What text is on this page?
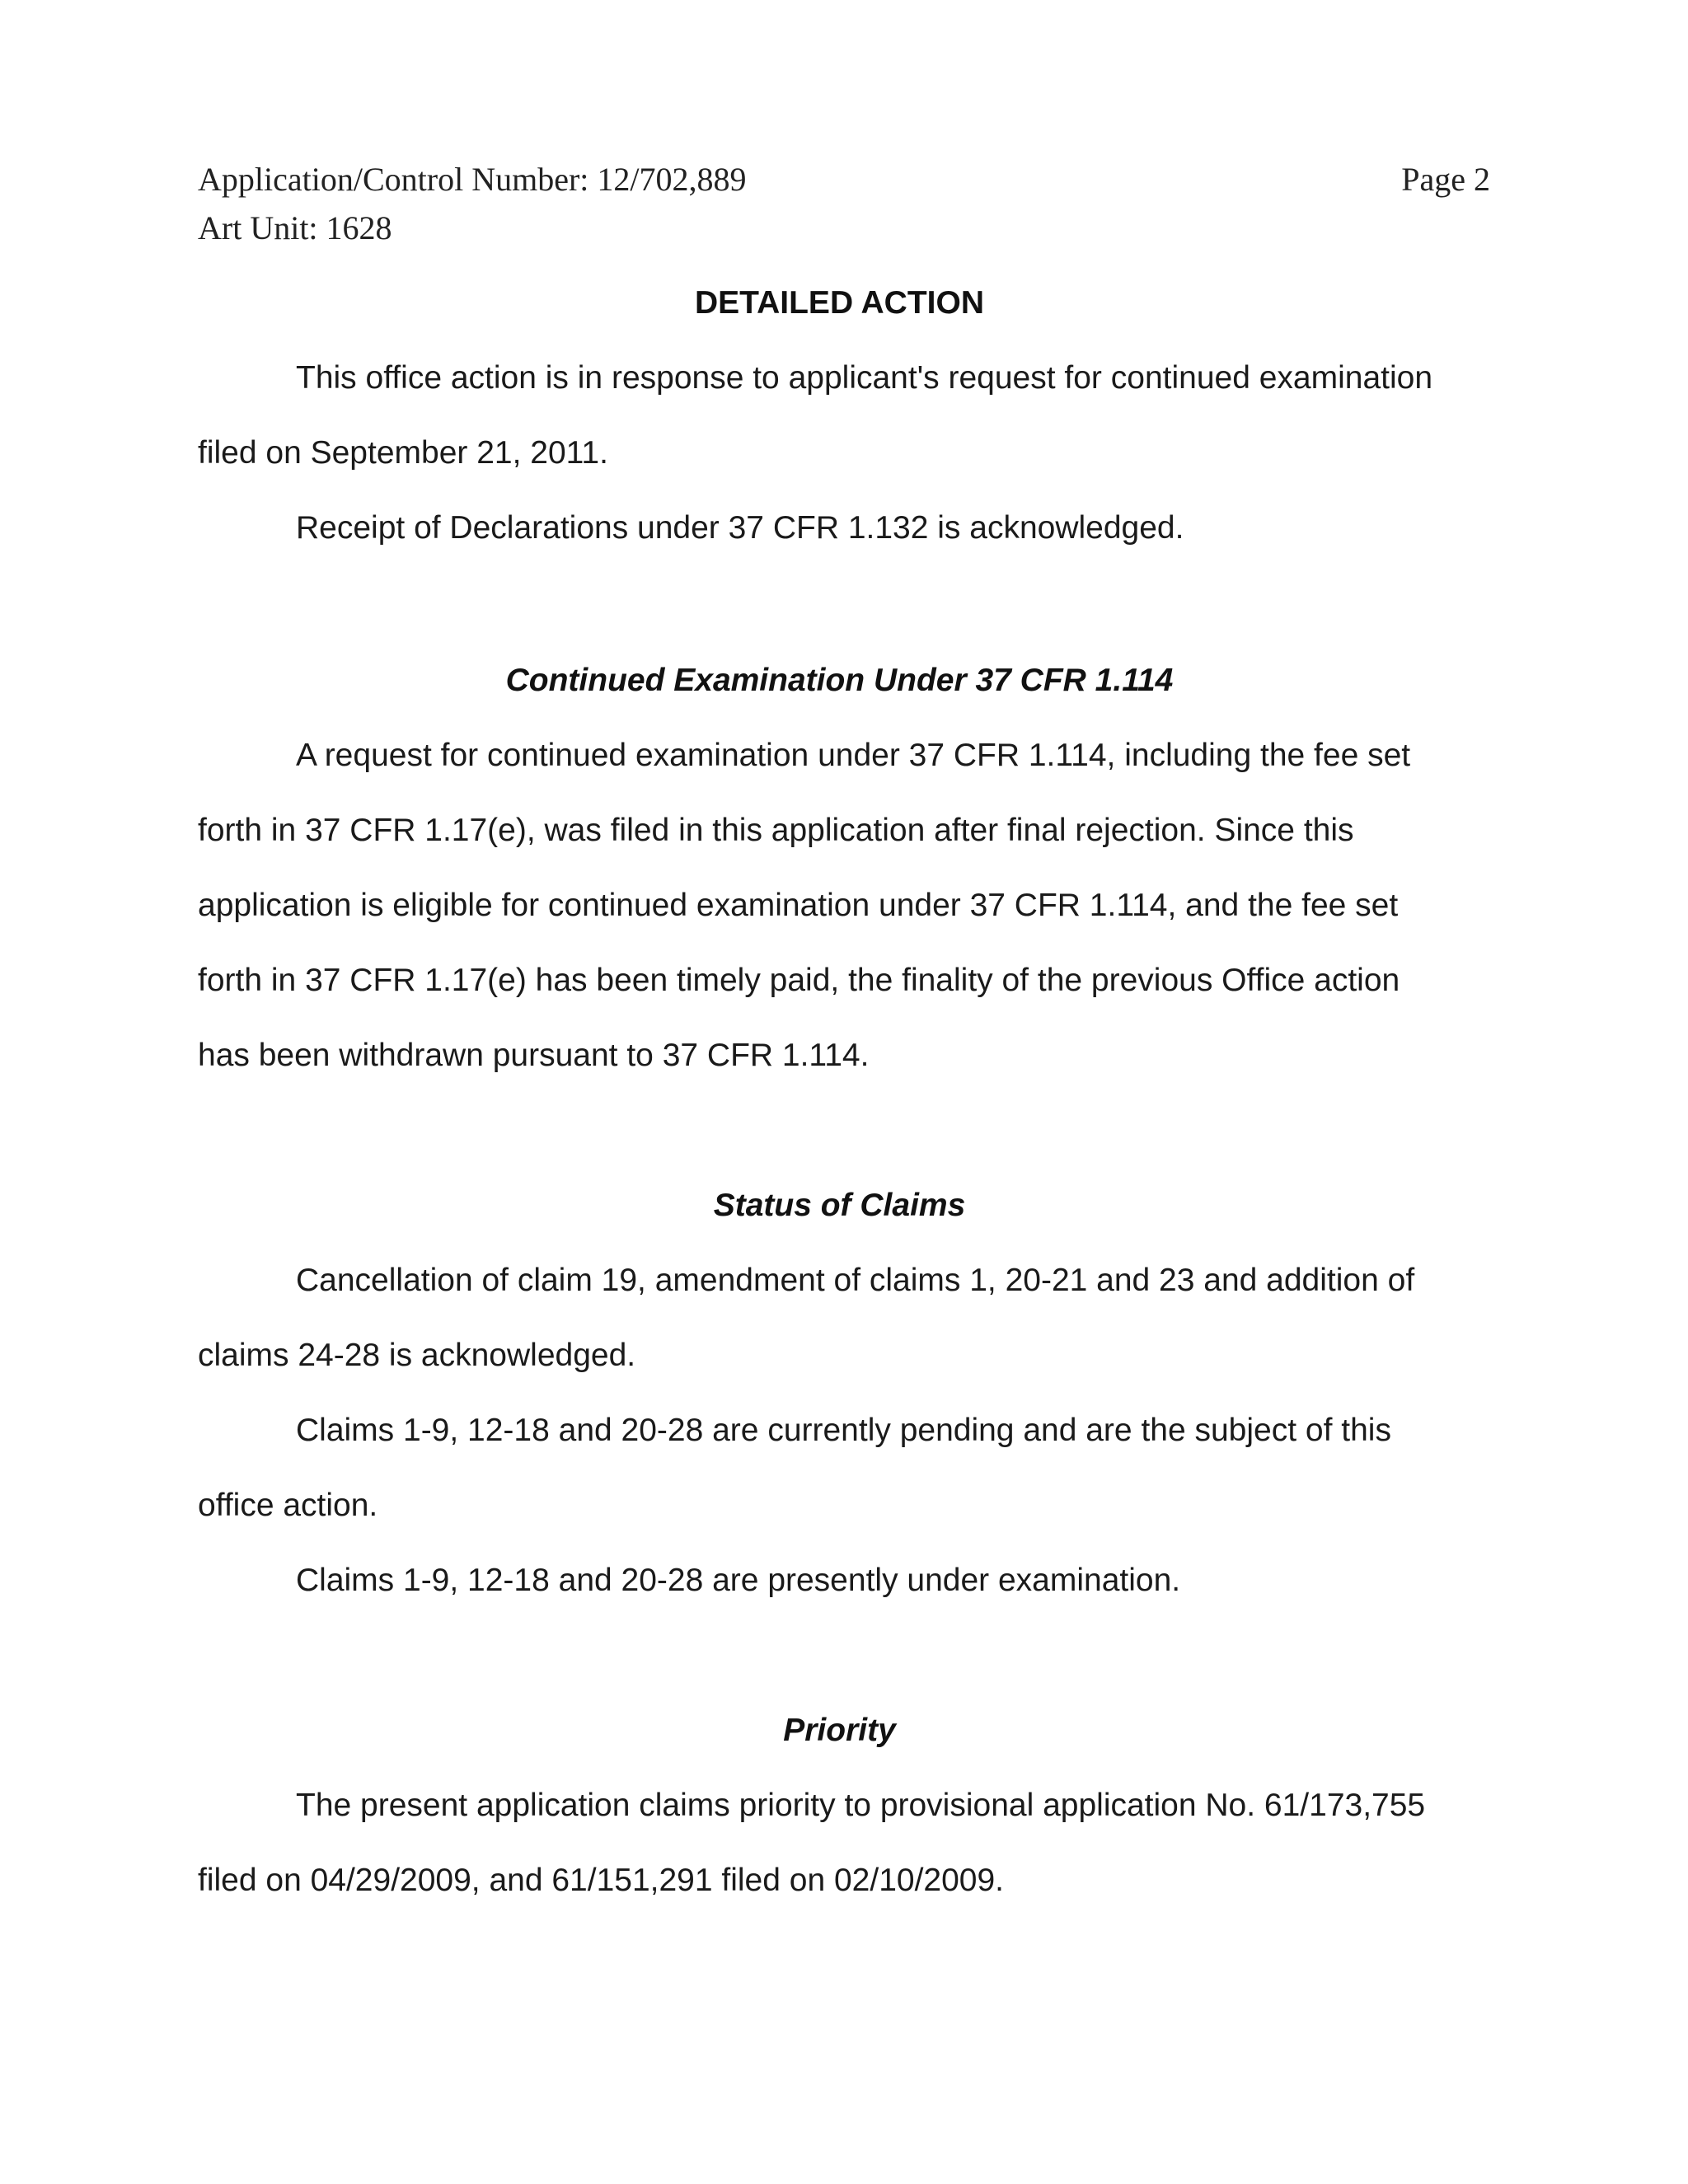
Application/Control Number: 12/702,889
Art Unit: 1628
Page 2
DETAILED ACTION
This office action is in response to applicant's request for continued examination
filed on September 21, 2011.
Receipt of Declarations under 37 CFR 1.132 is acknowledged.
Continued Examination Under 37 CFR 1.114
A request for continued examination under 37 CFR 1.114, including the fee set
forth in 37 CFR 1.17(e), was filed in this application after final rejection. Since this
application is eligible for continued examination under 37 CFR 1.114, and the fee set
forth in 37 CFR 1.17(e) has been timely paid, the finality of the previous Office action
has been withdrawn pursuant to 37 CFR 1.114.
Status of Claims
Cancellation of claim 19, amendment of claims 1, 20-21 and 23 and addition of
claims 24-28 is acknowledged.
Claims 1-9, 12-18 and 20-28 are currently pending and are the subject of this
office action.
Claims 1-9, 12-18 and 20-28 are presently under examination.
Priority
The present application claims priority to provisional application No. 61/173,755
filed on 04/29/2009, and 61/151,291 filed on 02/10/2009.
